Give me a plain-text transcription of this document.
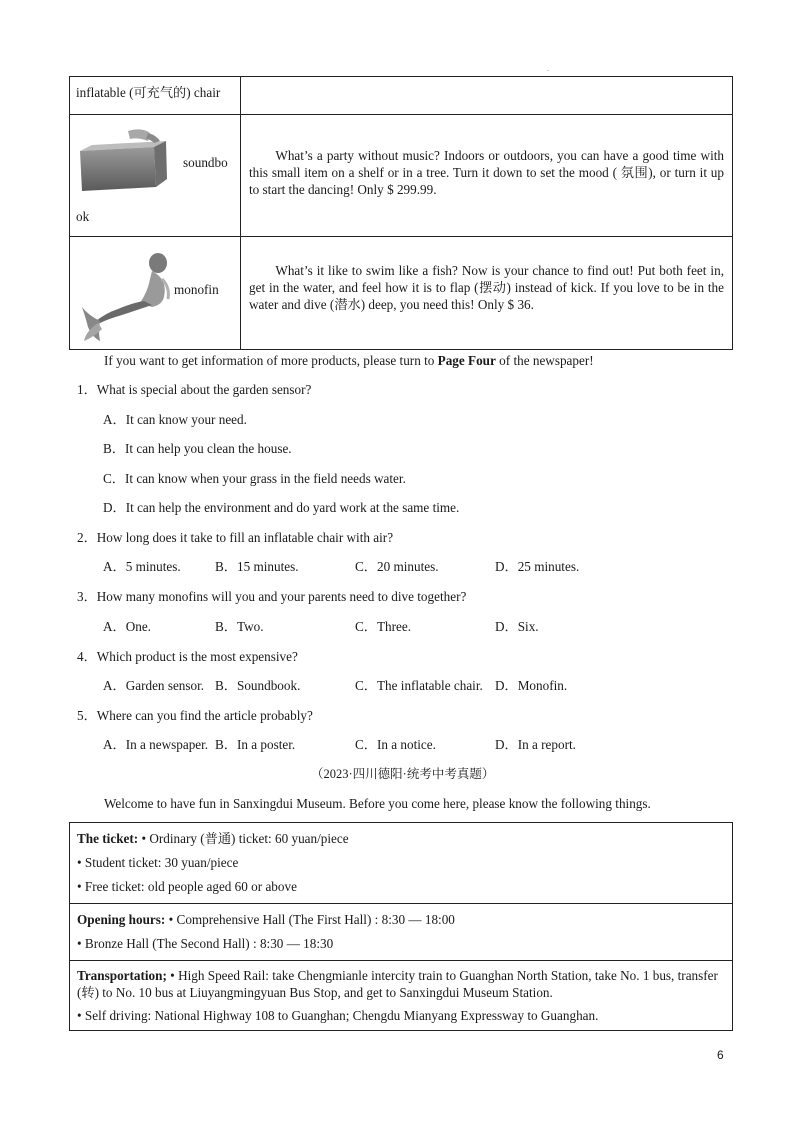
.
inflatable (可充气的) chair	

soundbo
ok	What’s a party without music? Indoors or outdoors, you can have a good time with this small item on a shelf or in a tree. Turn it down to set the mood ( 氛围), or turn it up to start the dancing! Only $ 299.99.

monofin	What’s it like to swim like a fish? Now is your chance to find out! Put both feet in, get in the water, and feel how it is to flap (摆动) instead of kick. If you love to be in the water and dive (潜水) deep, you need this! Only $ 36.
If you want to get information of more products, please turn to Page Four of the newspaper!
1．What is special about the garden sensor?
A．It can know your need.
B．It can help you clean the house.
C．It can know when your grass in the field needs water.
D．It can help the environment and do yard work at the same time.
2．How long does it take to fill an inflatable chair with air?
A．5 minutes.	B．15 minutes.	C．20 minutes.	D．25 minutes.
3．How many monofins will you and your parents need to dive together?
A．One.	B．Two.	C．Three.	D．Six.
4．Which product is the most expensive?
A．Garden sensor. B．Soundbook.	C．The inflatable chair. D．Monofin.
5．Where can you find the article probably?
A．In a newspaper. B．In a poster.	C．In a notice.	D．In a report.
（2023·四川德阳·统考中考真题）
Welcome to have fun in Sanxingdui Museum. Before you come here, please know the following things.

The ticket: • Ordinary (普通) ticket: 60 yuan/piece

• Student ticket: 30 yuan/piece

• Free ticket: old people aged 60 or above

Opening hours: • Comprehensive Hall (The First Hall) : 8:30 — 18:00

• Bronze Hall (The Second Hall) : 8:30 — 18:30

Transportation; • High Speed Rail: take Chengmianle intercity train to Guanghan North Station, take No. 1 bus, transfer (转) to No. 10 bus at Liuyangmingyuan Bus Stop, and get to Sanxingdui Museum Station.

• Self driving: National Highway 108 to Guanghan; Chengdu Mianyang Expressway to Guanghan.

6
